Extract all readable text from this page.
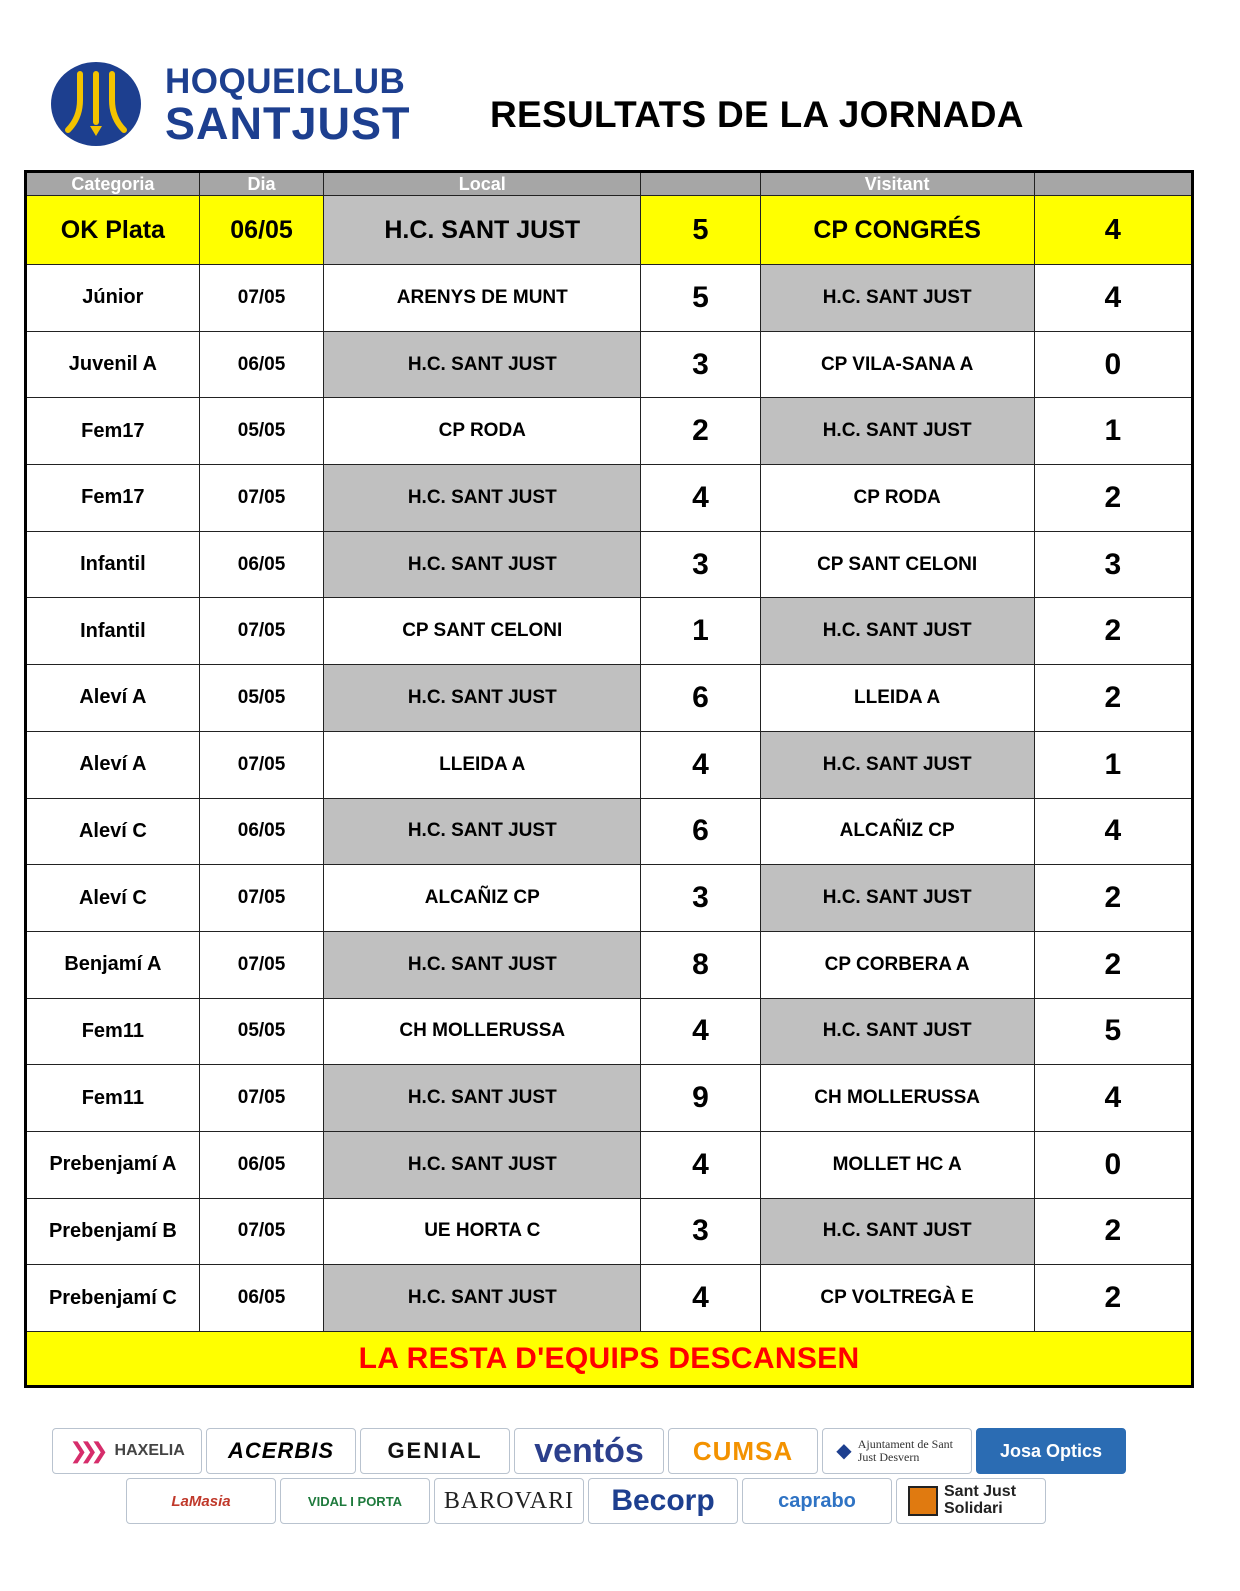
HOQUEICLUB
SANTJUST RESULTATS DE LA JORNADA
Categoria	Dia	Local		Visitant	
OK Plata	06/05	H.C. SANT JUST	5	CP CONGRÉS	4
Júnior	07/05	ARENYS DE MUNT	5	H.C. SANT JUST	4
Juvenil A	06/05	H.C. SANT JUST	3	CP VILA-SANA A	0
Fem17	05/05	CP RODA	2	H.C. SANT JUST	1
Fem17	07/05	H.C. SANT JUST	4	CP RODA	2
Infantil	06/05	H.C. SANT JUST	3	CP SANT CELONI	3
Infantil	07/05	CP SANT CELONI	1	H.C. SANT JUST	2
Aleví A	05/05	H.C. SANT JUST	6	LLEIDA A	2
Aleví A	07/05	LLEIDA A	4	H.C. SANT JUST	1
Aleví C	06/05	H.C. SANT JUST	6	ALCAÑIZ CP	4
Aleví C	07/05	ALCAÑIZ CP	3	H.C. SANT JUST	2
Benjamí A	07/05	H.C. SANT JUST	8	CP CORBERA A	2
Fem11	05/05	CH MOLLERUSSA	4	H.C. SANT JUST	5
Fem11	07/05	H.C. SANT JUST	9	CH MOLLERUSSA	4
Prebenjamí A	06/05	H.C. SANT JUST	4	MOLLET HC A	0
Prebenjamí B	07/05	UE HORTA C	3	H.C. SANT JUST	2
Prebenjamí C	06/05	H.C. SANT JUST	4	CP VOLTREGÀ E	2
LA RESTA D'EQUIPS DESCANSEN					
❯❯❯ HAXELIA ACERBIS GENIAL ventós CUMSA ◆ Ajuntament de Sant Just Desvern	Josa Optics
LaMasia	VIDAL I PORTA BAROVARI Becorp	caprabo	Sant Just Solidari
